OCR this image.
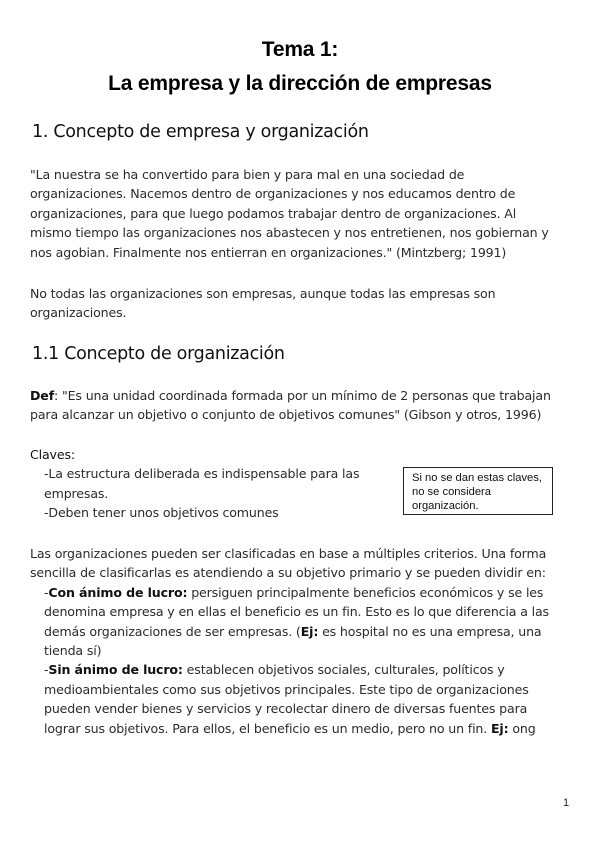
Tema 1:
La empresa y la dirección de empresas
1. Concepto de empresa y organización
"La nuestra se ha convertido para bien y para mal en una sociedad de
organizaciones. Nacemos dentro de organizaciones y nos educamos dentro de
organizaciones, para que luego podamos trabajar dentro de organizaciones. Al
mismo tiempo las organizaciones nos abastecen y nos entretienen, nos gobiernan y
nos agobian. Finalmente nos entierran en organizaciones." (Mintzberg; 1991)
No todas las organizaciones son empresas, aunque todas las empresas son
organizaciones.
1.1 Concepto de organización
Def: "Es una unidad coordinada formada por un mínimo de 2 personas que trabajan
para alcanzar un objetivo o conjunto de objetivos comunes" (Gibson y otros, 1996)
Claves:
-La estructura deliberada es indispensable para las
empresas.
-Deben tener unos objetivos comunes
Si no se dan estas claves, no se considera organización.
Las organizaciones pueden ser clasificadas en base a múltiples criterios. Una forma
sencilla de clasificarlas es atendiendo a su objetivo primario y se pueden dividir en:
-Con ánimo de lucro: persiguen principalmente beneficios económicos y se les
denomina empresa y en ellas el beneficio es un fin. Esto es lo que diferencia a las
demás organizaciones de ser empresas. (Ej: es hospital no es una empresa, una
tienda sí)
-Sin ánimo de lucro: establecen objetivos sociales, culturales, políticos y
medioambientales como sus objetivos principales. Este tipo de organizaciones
pueden vender bienes y servicios y recolectar dinero de diversas fuentes para
lograr sus objetivos. Para ellos, el beneficio es un medio, pero no un fin. Ej: ong
1
